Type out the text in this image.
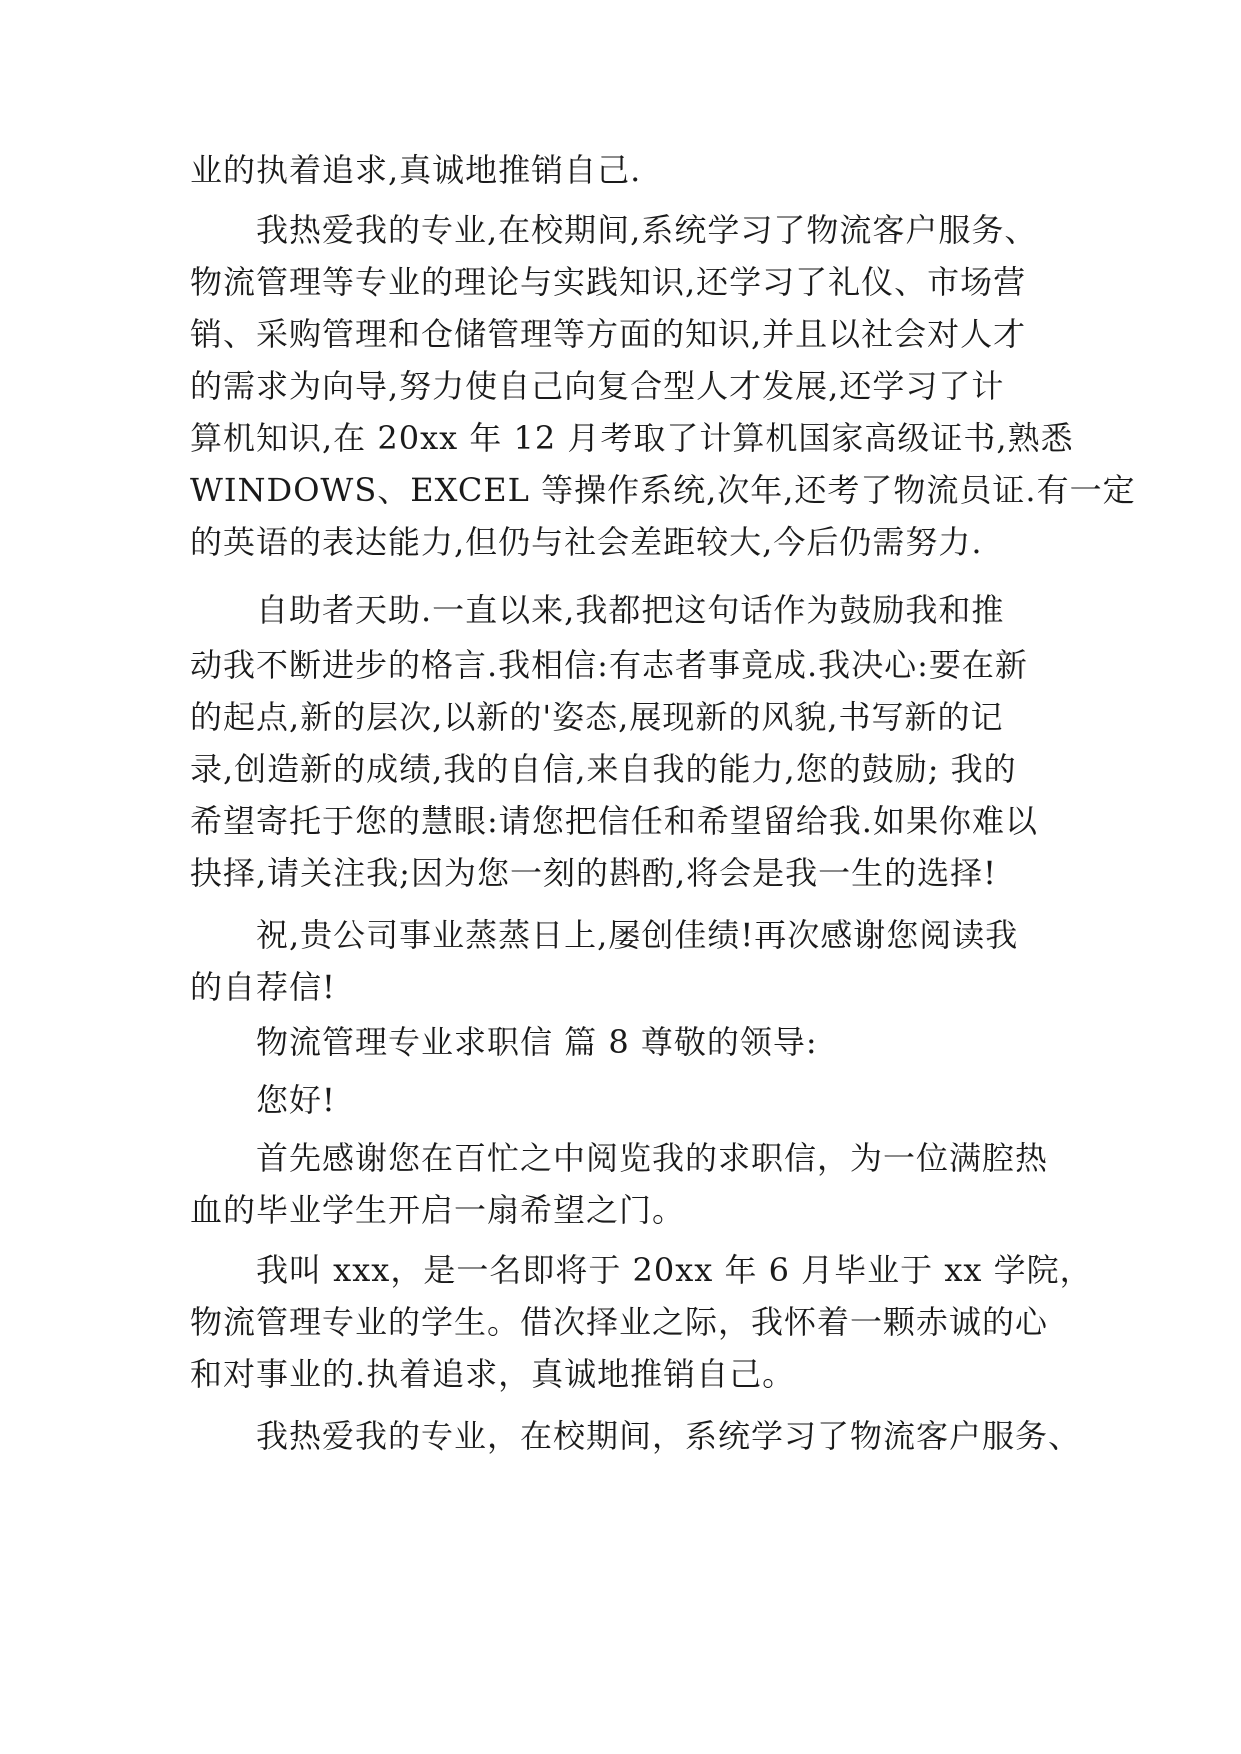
业的执着追求,真诚地推销自己.
我热爱我的专业,在校期间,系统学习了物流客户服务、
物流管理等专业的理论与实践知识,还学习了礼仪、市场营
销、采购管理和仓储管理等方面的知识,并且以社会对人才
的需求为向导,努力使自己向复合型人才发展,还学习了计
算机知识,在 20xx 年 12 月考取了计算机国家高级证书,熟悉
WINDOWS、EXCEL 等操作系统,次年,还考了物流员证.有一定
的英语的表达能力,但仍与社会差距较大,今后仍需努力.
自助者天助.一直以来,我都把这句话作为鼓励我和推
动我不断进步的格言.我相信:有志者事竟成.我决心:要在新
的起点,新的层次,以新的'姿态,展现新的风貌,书写新的记
录,创造新的成绩,我的自信,来自我的能力,您的鼓励; 我的
希望寄托于您的慧眼:请您把信任和希望留给我.如果你难以
抉择,请关注我;因为您一刻的斟酌,将会是我一生的选择!
祝,贵公司事业蒸蒸日上,屡创佳绩!再次感谢您阅读我
的自荐信!
物流管理专业求职信 篇 8 尊敬的领导:
您好!
首先感谢您在百忙之中阅览我的求职信，为一位满腔热
血的毕业学生开启一扇希望之门。
我叫 xxx，是一名即将于 20xx 年 6 月毕业于 xx 学院，
物流管理专业的学生。借次择业之际，我怀着一颗赤诚的心
和对事业的.执着追求，真诚地推销自己。
我热爱我的专业，在校期间，系统学习了物流客户服务、
